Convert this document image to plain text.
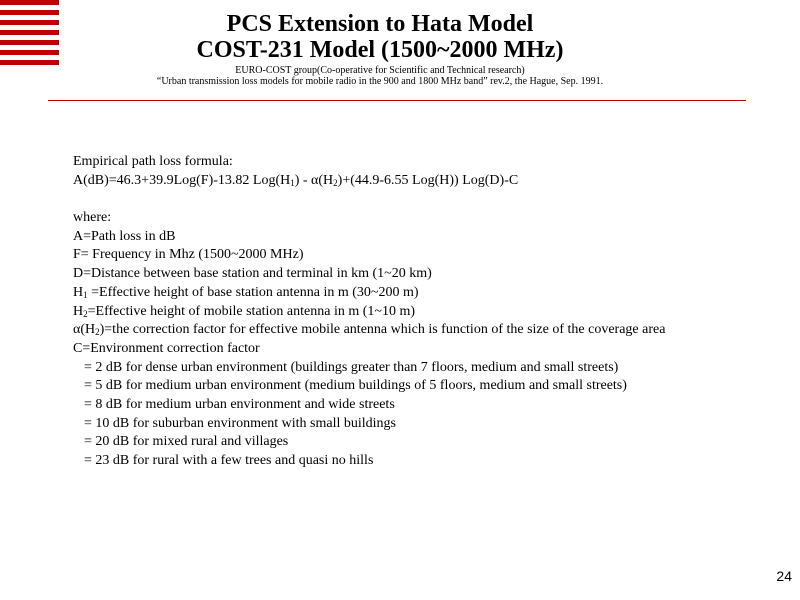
PCS Extension to Hata Model
COST-231 Model (1500~2000 MHz)
EURO-COST group(Co-operative for Scientific and Technical research)
“Urban transmission loss models for mobile radio in the 900 and 1800 MHz band” rev.2, the Hague, Sep. 1991.
Empirical path loss formula:
A(dB)=46.3+39.9Log(F)-13.82 $Log(H_1) - \alpha(H_2)+(44.9-6.55$ Log(H)) Log(D)-C
where:
A=Path loss in dB
F= Frequency in Mhz (1500~2000 MHz)
D=Distance between base station and terminal in km (1~20 km)
$H_1$ =Effective height of base station antenna in m (30~200 m)
$H_2=Effective$ height of mobile station antenna in m (1~10 m)
$\alpha(H_2)=the$ correction factor for effective mobile antenna which is function of the size of the coverage area
C=Environment correction factor
= 2 dB for dense urban environment (buildings greater than 7 floors, medium and small streets)
= 5 dB for medium urban environment (medium buildings of 5 floors, medium and small streets)
= 8 dB for medium urban environment and wide streets
= 10 dB for suburban environment with small buildings
= 20 dB for mixed rural and villages
= 23 dB for rural with a few trees and quasi no hills
24
